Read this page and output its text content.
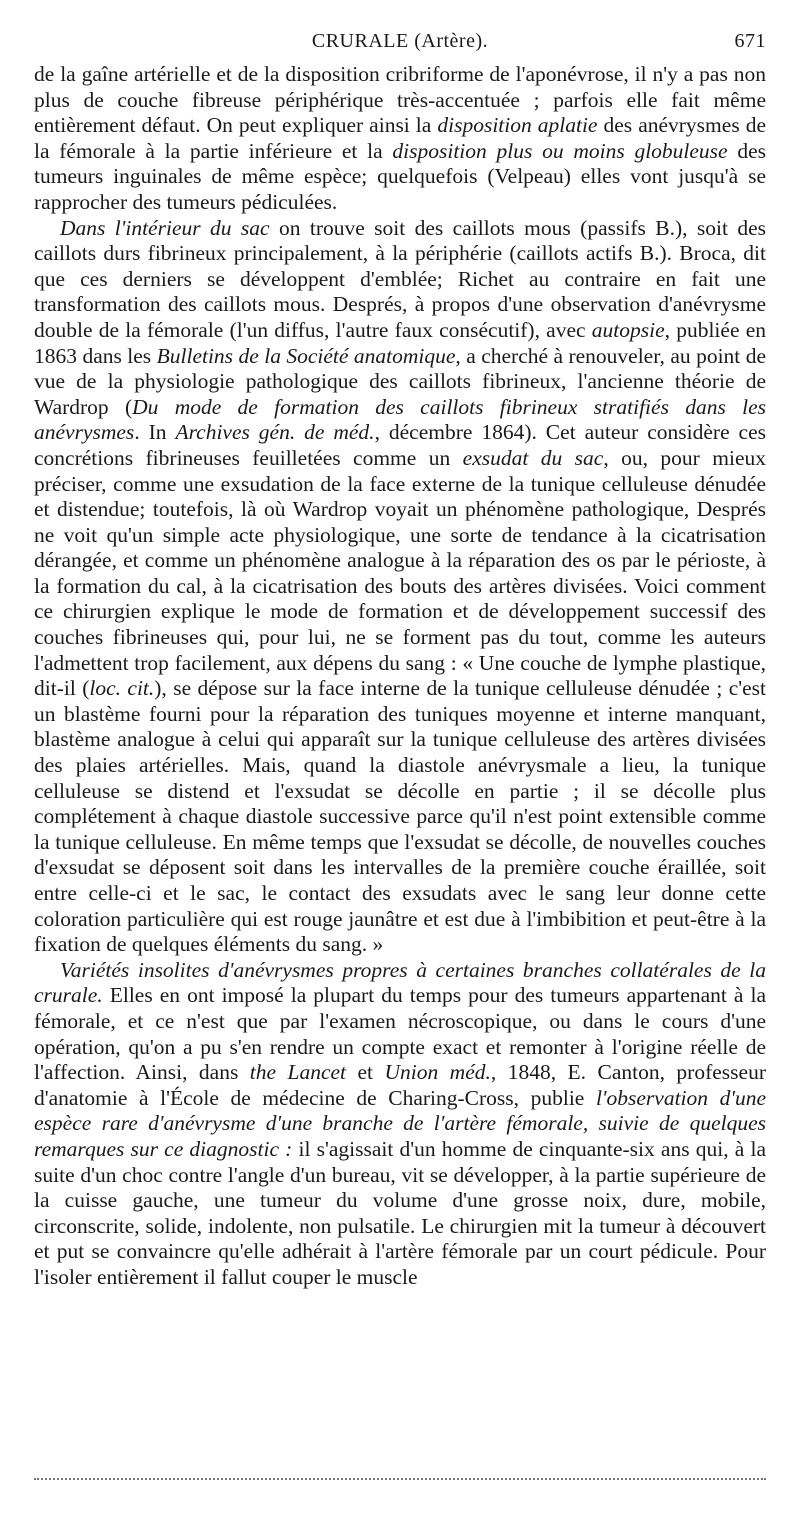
CRURALE (Artère).	671

de la gaîne artérielle et de la disposition cribriforme de l'aponévrose, il n'y a pas non plus de couche fibreuse périphérique très-accentuée ; parfois elle fait même entièrement défaut. On peut expliquer ainsi la disposition aplatie des anévrysmes de la fémorale à la partie inférieure et la disposition plus ou moins globuleuse des tumeurs inguinales de même espèce; quelquefois (Velpeau) elles vont jusqu'à se rapprocher des tumeurs pédiculées.

Dans l'intérieur du sac on trouve soit des caillots mous (passifs B.), soit des caillots durs fibrineux principalement, à la périphérie (caillots actifs B.). Broca, dit que ces derniers se développent d'emblée; Richet au contraire en fait une transformation des caillots mous. Després, à propos d'une observation d'anévrysme double de la fémorale (l'un diffus, l'autre faux consécutif), avec autopsie, publiée en 1863 dans les Bulletins de la Société anatomique, a cherché à renouveler, au point de vue de la physiologie pathologique des caillots fibrineux, l'ancienne théorie de Wardrop (Du mode de formation des caillots fibrineux stratifiés dans les anévrysmes. In Archives gén. de méd., décembre 1864). Cet auteur considère ces concrétions fibrineuses feuilletées comme un exsudat du sac, ou, pour mieux préciser, comme une exsudation de la face externe de la tunique celluleuse dénudée et distendue; toutefois, là où Wardrop voyait un phénomène pathologique, Després ne voit qu'un simple acte physiologique, une sorte de tendance à la cicatrisation dérangée, et comme un phénomène analogue à la réparation des os par le périoste, à la formation du cal, à la cicatrisation des bouts des artères divisées. Voici comment ce chirurgien explique le mode de formation et de développement successif des couches fibrineuses qui, pour lui, ne se forment pas du tout, comme les auteurs l'admettent trop facilement, aux dépens du sang : « Une couche de lymphe plastique, dit-il (loc. cit.), se dépose sur la face interne de la tunique celluleuse dénudée ; c'est un blastème fourni pour la réparation des tuniques moyenne et interne manquant, blastème analogue à celui qui apparaît sur la tunique celluleuse des artères divisées des plaies artérielles. Mais, quand la diastole anévrysmale a lieu, la tunique celluleuse se distend et l'exsudat se décolle en partie ; il se décolle plus complétement à chaque diastole successive parce qu'il n'est point extensible comme la tunique celluleuse. En même temps que l'exsudat se décolle, de nouvelles couches d'exsudat se déposent soit dans les intervalles de la première couche éraillée, soit entre celle-ci et le sac, le contact des exsudats avec le sang leur donne cette coloration particulière qui est rouge jaunâtre et est due à l'imbibition et peut-être à la fixation de quelques éléments du sang. »

Variétés insolites d'anévrysmes propres à certaines branches collatérales de la crurale. Elles en ont imposé la plupart du temps pour des tumeurs appartenant à la fémorale, et ce n'est que par l'examen nécroscopique, ou dans le cours d'une opération, qu'on a pu s'en rendre un compte exact et remonter à l'origine réelle de l'affection. Ainsi, dans the Lancet et Union méd., 1848, E. Canton, professeur d'anatomie à l'École de médecine de Charing-Cross, publie l'observation d'une espèce rare d'anévrysme d'une branche de l'artère fémorale, suivie de quelques remarques sur ce diagnostic : il s'agissait d'un homme de cinquante-six ans qui, à la suite d'un choc contre l'angle d'un bureau, vit se développer, à la partie supérieure de la cuisse gauche, une tumeur du volume d'une grosse noix, dure, mobile, circonscrite, solide, indolente, non pulsatile. Le chirurgien mit la tumeur à découvert et put se convaincre qu'elle adhérait à l'artère fémorale par un court pédicule. Pour l'isoler entièrement il fallut couper le muscle
